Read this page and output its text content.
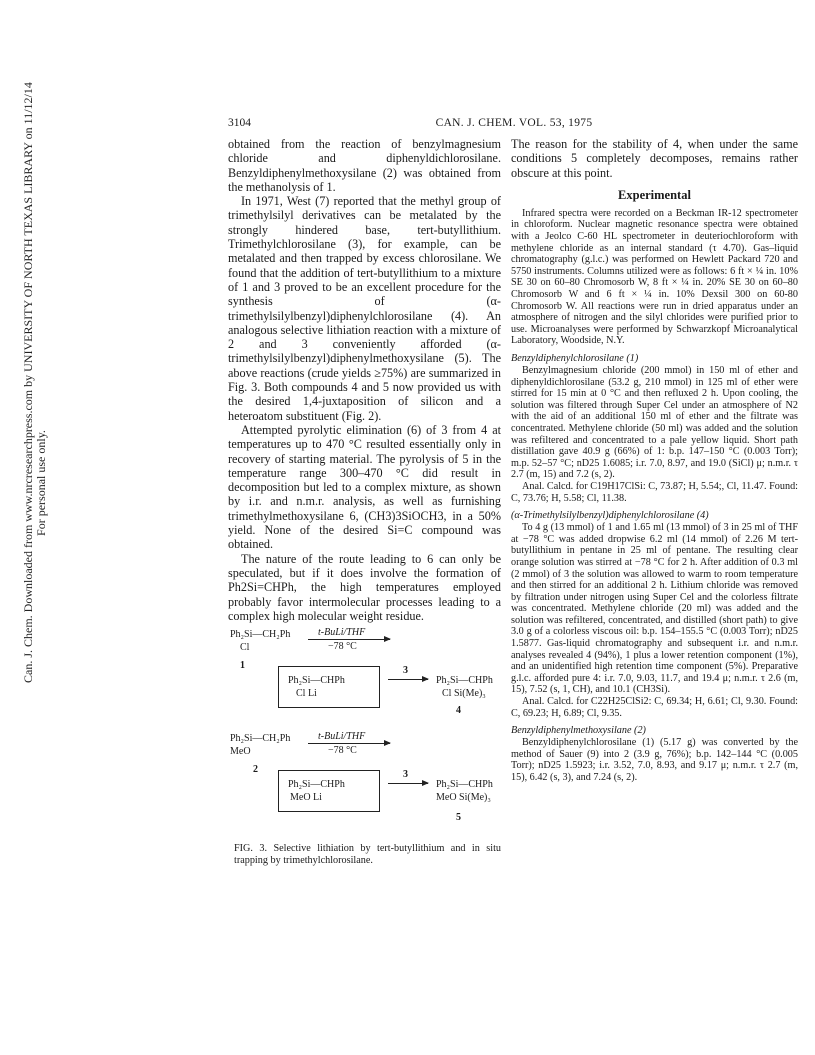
Can. J. Chem. Downloaded from www.nrcresearchpress.com by UNIVERSITY OF NORTH TEXAS LIBRARY on 11/12/14 For personal use only.
3104	CAN. J. CHEM. VOL. 53, 1975

obtained from the reaction of benzylmagnesium chloride and diphenyldichlorosilane. Benzyldiphenylmethoxysilane (2) was obtained from the methanolysis of 1.

In 1971, West (7) reported that the methyl group of trimethylsilyl derivatives can be metalated by the strongly hindered base, tert-butyllithium. Trimethylchlorosilane (3), for example, can be metalated and then trapped by excess chlorosilane. We found that the addition of tert-butyllithium to a mixture of 1 and 3 proved to be an excellent procedure for the synthesis of (α-trimethylsilylbenzyl)diphenylchlorosilane (4). An analogous selective lithiation reaction with a mixture of 2 and 3 conveniently afforded (α-trimethylsilylbenzyl)diphenylmethoxysilane (5). The above reactions (crude yields ≥75%) are summarized in Fig. 3. Both compounds 4 and 5 now provided us with the desired 1,4-juxtaposition of silicon and a heteroatom substituent (Fig. 2).

Attempted pyrolytic elimination (6) of 3 from 4 at temperatures up to 470 °C resulted essentially only in recovery of starting material. The pyrolysis of 5 in the temperature range 300–470 °C did result in decomposition but led to a complex mixture, as shown by i.r. and n.m.r. analysis, as well as furnishing trimethylmethoxysilane 6, (CH3)3SiOCH3, in a 50% yield. None of the desired Si=C compound was obtained.

The nature of the route leading to 6 can only be speculated, but if it does involve the formation of Ph2Si=CHPh, the high temperatures employed probably favor intermolecular processes leading to a complex high molecular weight residue.

Ph₂Si—CH₂Ph
Cl
t-BuLi/THF
−78 °C
1
Ph₂Si—CHPh
Cl Li
3
→ Ph₂Si—CHPh
Cl Si(Me)₃
4
Ph₂Si—CH₂Ph
MeO
t-BuLi/THF
−78 °C
2
Ph₂Si—CHPh
MeO Li
3
→ Ph₂Si—CHPh
MeO Si(Me)₃
5

FIG. 3. Selective lithiation by tert-butyllithium and in situ trapping by trimethylchlorosilane.

The reason for the stability of 4, when under the same conditions 5 completely decomposes, remains rather obscure at this point.

Experimental

Infrared spectra were recorded on a Beckman IR-12 spectrometer in chloroform. Nuclear magnetic resonance spectra were obtained with a Jeolco C-60 HL spectrometer in deuteriochloroform with methylene chloride as an internal standard (τ 4.70). Gas–liquid chromatography (g.l.c.) was performed on Hewlett Packard 720 and 5750 instruments. Columns utilized were as follows: 6 ft × ¼ in. 10% SE 30 on 60–80 Chromosorb W, 8 ft × ¼ in. 20% SE 30 on 60–80 Chromosorb W and 6 ft × ¼ in. 10% Dexsil 300 on 60-80 Chromosorb W. All reactions were run in dried apparatus under an atmosphere of nitrogen and the silyl chlorides were purified prior to use. Microanalyses were performed by Schwarzkopf Microanalytical Laboratory, Woodside, N.Y.

Benzyldiphenylchlorosilane (1)

Benzylmagnesium chloride (200 mmol) in 150 ml of ether and diphenyldichlorosilane (53.2 g, 210 mmol) in 125 ml of ether were stirred for 15 min at 0 °C and then refluxed 2 h. Upon cooling, the solution was filtered through Super Cel under an atmosphere of N2 with the aid of an additional 150 ml of ether and the filtrate was concentrated. Methylene chloride (50 ml) was added and the solution was refiltered and concentrated to a pale yellow liquid. Short path distillation gave 40.9 g (66%) of 1: b.p. 147–150 °C (0.003 Torr); m.p. 52–57 °C; nD25 1.6085; i.r. 7.0, 8.97, and 19.0 (SiCl) μ; n.m.r. τ 2.7 (m, 15) and 7.2 (s, 2).

Anal. Calcd. for C19H17ClSi: C, 73.87; H, 5.54;, Cl, 11.47. Found: C, 73.76; H, 5.58; Cl, 11.38.

(α-Trimethylsilylbenzyl)diphenylchlorosilane (4)

To 4 g (13 mmol) of 1 and 1.65 ml (13 mmol) of 3 in 25 ml of THF at −78 °C was added dropwise 6.2 ml (14 mmol) of 2.26 M tert-butyllithium in pentane in 25 ml of pentane. The resulting clear orange solution was stirred at −78 °C for 2 h. After addition of 0.3 ml (2 mmol) of 3 the solution was allowed to warm to room temperature and then stirred for an additional 2 h. Lithium chloride was removed by filtration under nitrogen using Super Cel and the colorless filtrate was concentrated. Methylene chloride (20 ml) was added and the solution was refiltered, concentrated, and distilled (short path) to give 3.0 g of a colorless viscous oil: b.p. 154–155.5 °C (0.003 Torr); nD25 1.5877. Gas-liquid chromatography and subsequent i.r. and n.m.r. analyses revealed 4 (94%), 1 plus a lower retention component (1%), and an unidentified high retention time component (5%). Preparative g.l.c. afforded pure 4: i.r. 7.0, 9.03, 11.7, and 19.4 μ; n.m.r. τ 2.6 (m, 15), 7.52 (s, 1, CH), and 10.1 (CH3Si).

Anal. Calcd. for C22H25ClSi2: C, 69.34; H, 6.61; Cl, 9.30. Found: C, 69.23; H, 6.89; Cl, 9.35.

Benzyldiphenylmethoxysilane (2)

Benzyldiphenylchlorosilane (1) (5.17 g) was converted by the method of Sauer (9) into 2 (3.9 g, 76%); b.p. 142–144 °C (0.005 Torr); nD25 1.5923; i.r. 3.52, 7.0, 8.93, and 9.17 μ; n.m.r. τ 2.7 (m, 15), 6.42 (s, 3), and 7.24 (s, 2).
